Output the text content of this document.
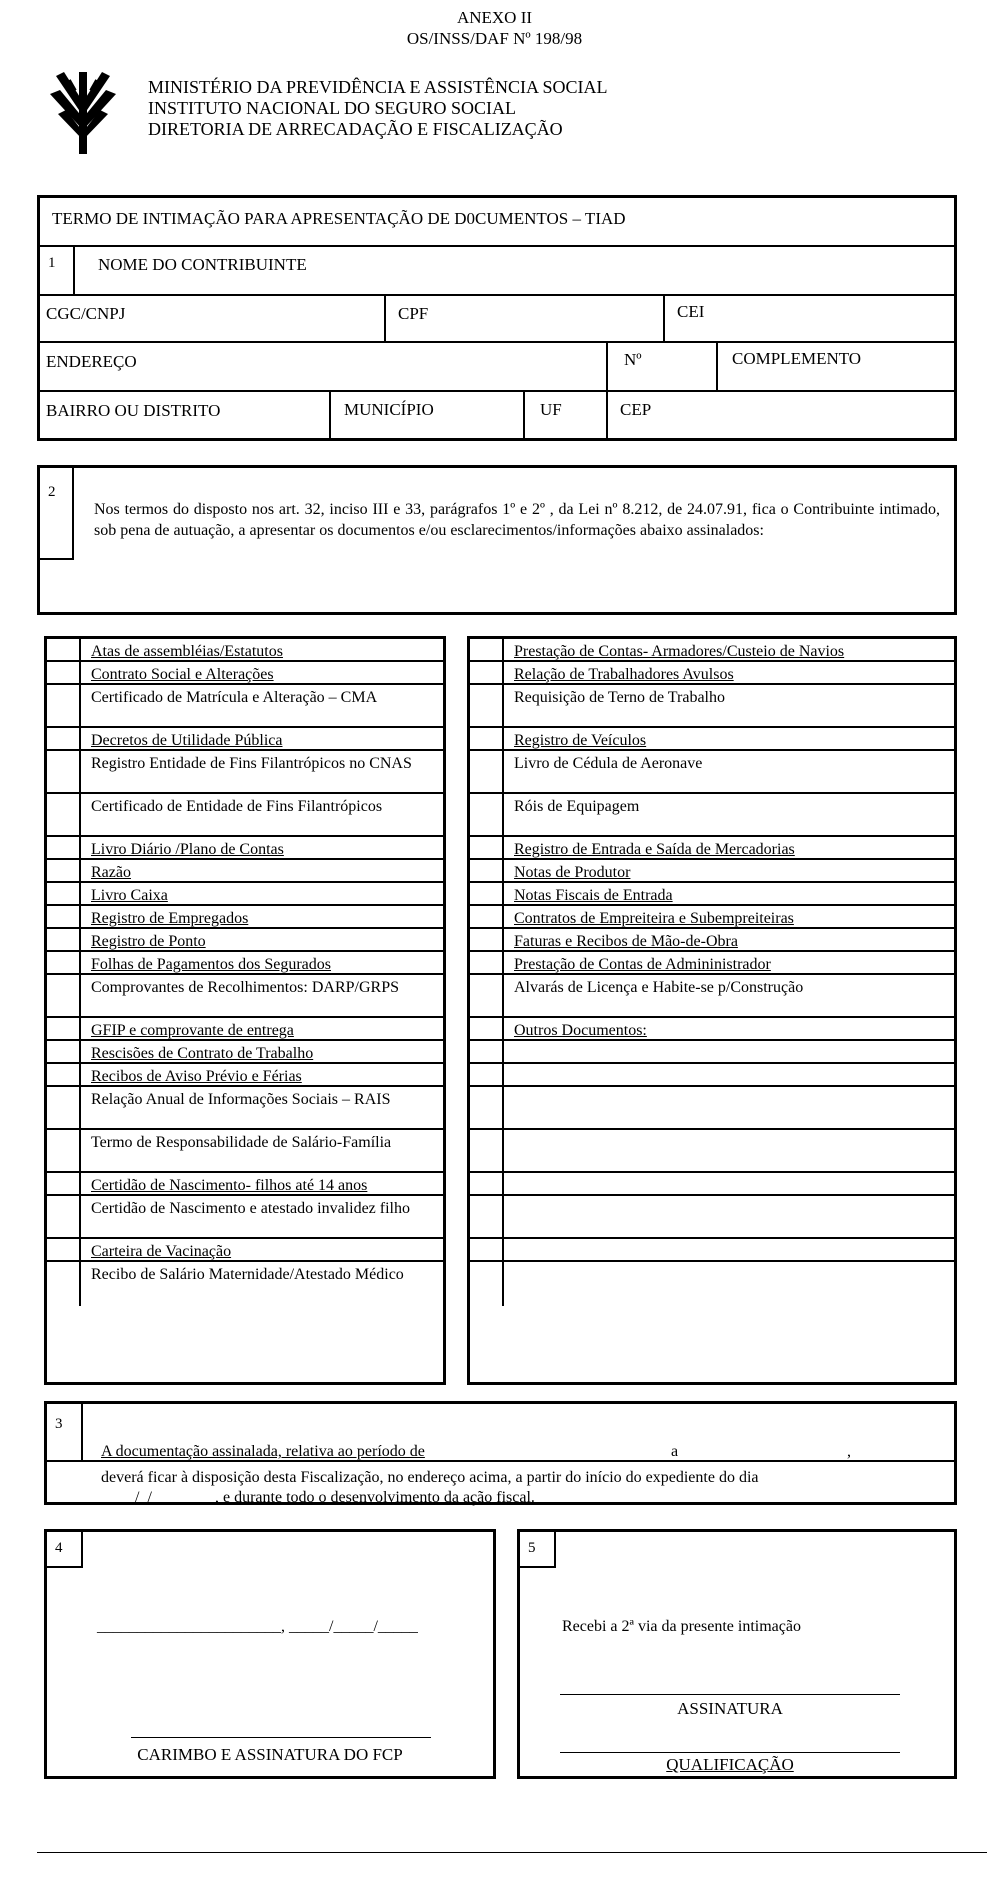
ANEXO II
OS/INSS/DAF Nº 198/98
MINISTÉRIO DA PREVIDÊNCIA E ASSISTÊNCIA SOCIAL
INSTITUTO NACIONAL DO SEGURO SOCIAL
DIRETORIA DE ARRECADAÇÃO E FISCALIZAÇÃO
TERMO DE INTIMAÇÃO PARA APRESENTAÇÃO DE D0CUMENTOS – TIAD
1	NOME DO CONTRIBUINTE
CGC/CNPJ	CPF	CEI
ENDEREÇO	Nº	COMPLEMENTO
BAIRRO OU DISTRITO	MUNICÍPIO	UF	CEP
2
Nos termos do disposto nos art. 32, inciso III e 33, parágrafos 1º e 2º , da Lei nº 8.212, de 24.07.91, fica o Contribuinte intimado, sob pena de autuação, a apresentar os documentos e/ou esclarecimentos/informações abaixo assinalados:
Atas de assembléias/Estatutos
Contrato Social e Alterações
Certificado de Matrícula e Alteração – CMA
Decretos de Utilidade Pública
Registro Entidade de Fins Filantrópicos no CNAS
Certificado de Entidade de Fins Filantrópicos
Livro Diário /Plano de Contas
Razão
Livro Caixa
Registro de Empregados
Registro de Ponto
Folhas de Pagamentos dos Segurados
Comprovantes de Recolhimentos: DARP/GRPS
GFIP e comprovante de entrega
Rescisões de Contrato de Trabalho
Recibos de Aviso Prévio e Férias
Relação Anual de Informações Sociais – RAIS
Termo de Responsabilidade de Salário-Família
Certidão de Nascimento- filhos até 14 anos
Certidão de Nascimento e atestado invalidez filho
Carteira de Vacinação
Recibo de Salário Maternidade/Atestado Médico
Prestação de Contas- Armadores/Custeio de Navios
Relação de Trabalhadores Avulsos
Requisição de Terno de Trabalho
Registro de Veículos
Livro de Cédula de Aeronave
Róis de Equipagem
Registro de Entrada e Saída de Mercadorias
Notas de Produtor
Notas Fiscais de Entrada
Contratos de Empreiteira e Subempreiteiras
Faturas e Recibos de Mão-de-Obra
Prestação de Contas de Admininistrador
Alvarás de Licença e Habite-se p/Construção
Outros Documentos:
3
A documentação assinalada, relativa ao período de	a	,
deverá ficar à disposição desta Fiscalização, no endereço acima, a partir do início do expediente do dia
/ /	, e durante todo o desenvolvimento da ação fiscal.
4
_______________________, _____/_____/_____
CARIMBO E ASSINATURA DO FCP
5
Recebi a 2ª via da presente intimação
ASSINATURA
QUALIFICAÇÃO
